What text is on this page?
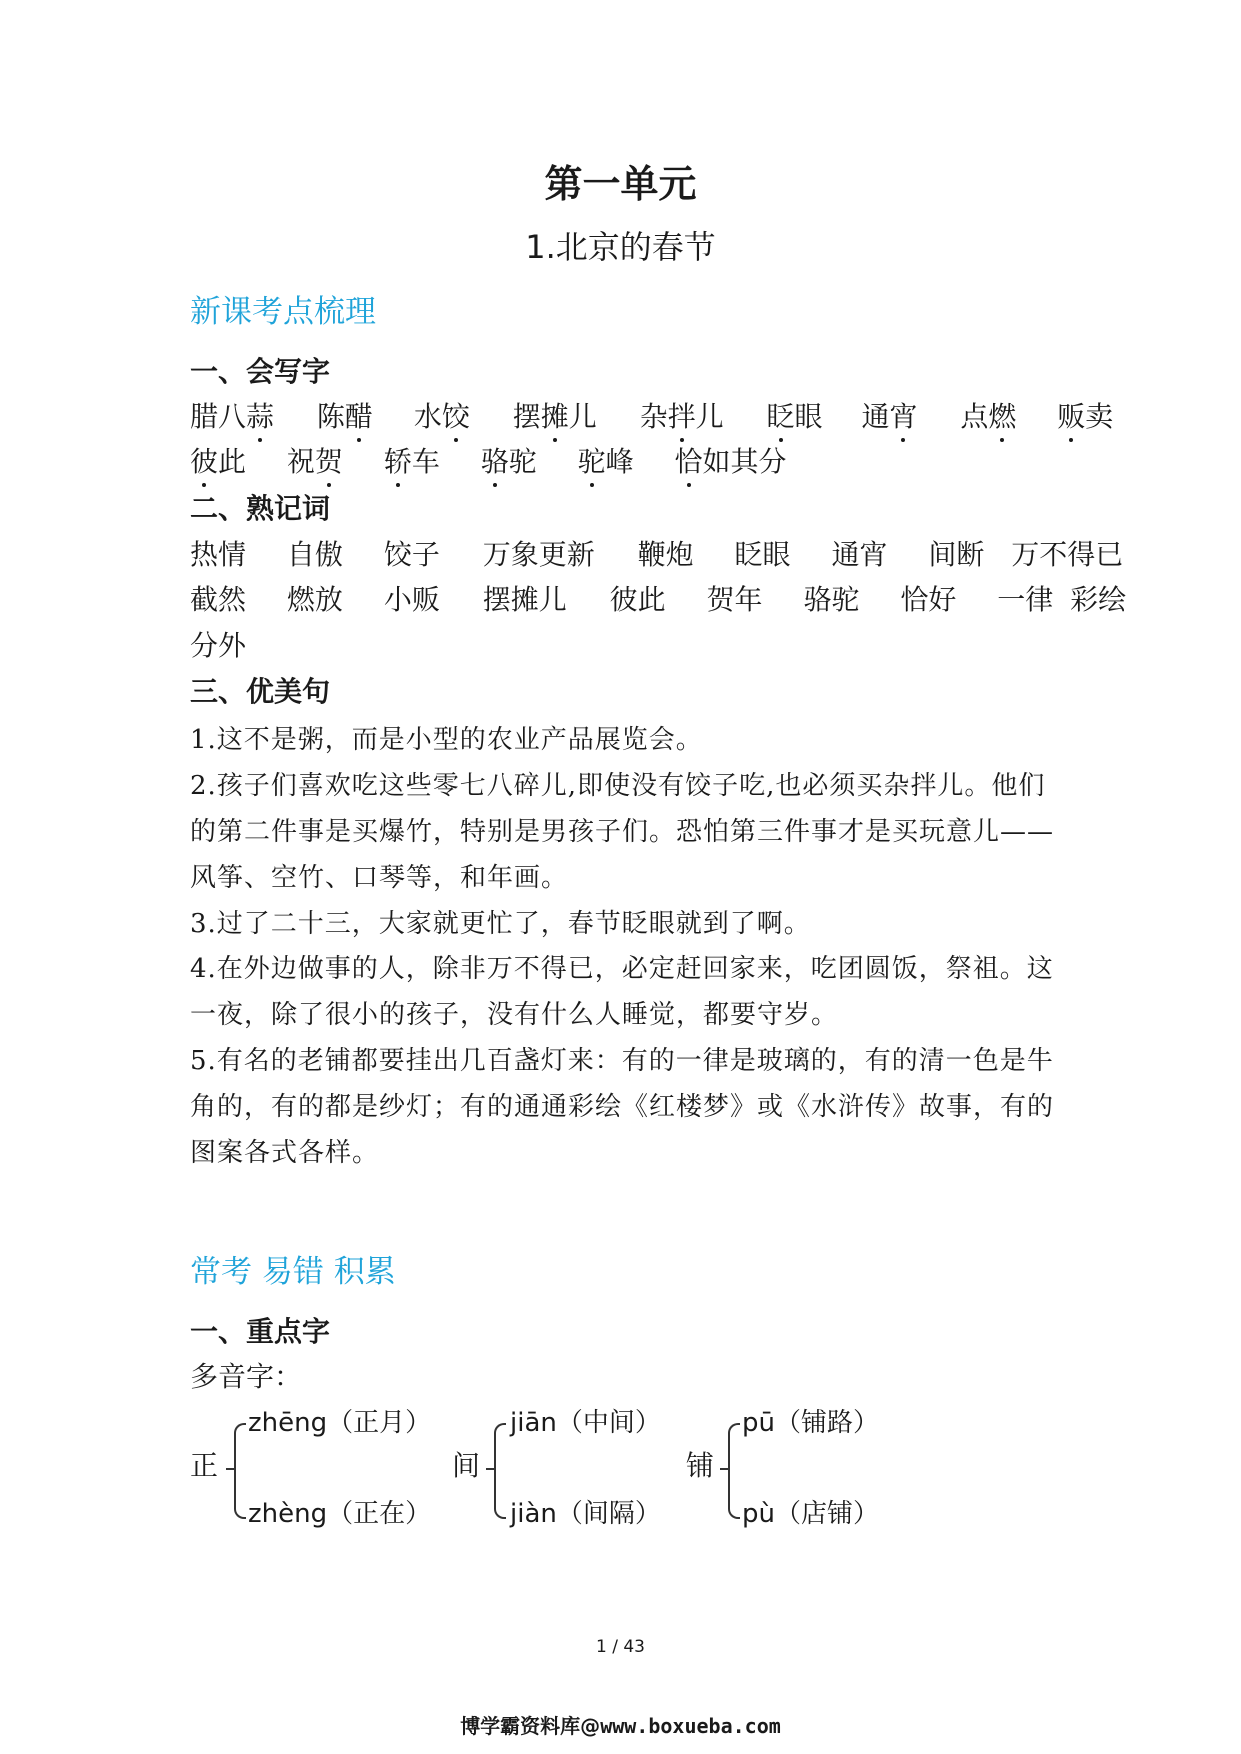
第一单元
1.北京的春节
新课考点梳理
一、会写字
腊八蒜 陈醋 水饺 摆摊儿 杂拌儿 眨眼 通宵 点燃 贩卖
彼此 祝贺 轿车 骆驼 驼峰 恰如其分
二、熟记词
热情 自傲 饺子 万象更新 鞭炮 眨眼 通宵 间断 万不得已
截然 燃放 小贩 摆摊儿 彼此 贺年 骆驼 恰好 一律 彩绘
分外
三、优美句
1.这不是粥，而是小型的农业产品展览会。
2.孩子们喜欢吃这些零七八碎儿,即使没有饺子吃,也必须买杂拌儿。他们的第二件事是买爆竹，特别是男孩子们。恐怕第三件事才是买玩意儿——风筝、空竹、口琴等，和年画。
3.过了二十三，大家就更忙了，春节眨眼就到了啊。
4.在外边做事的人，除非万不得已，必定赶回家来，吃团圆饭，祭祖。这一夜，除了很小的孩子，没有什么人睡觉，都要守岁。
5.有名的老铺都要挂出几百盏灯来：有的一律是玻璃的，有的清一色是牛角的，有的都是纱灯；有的通通彩绘《红楼梦》或《水浒传》故事，有的图案各式各样。
常考 易错 积累
一、重点字
多音字：
正
zhēng（正月）
zhèng（正在）
间
jiān（中间）
jiàn（间隔）
铺
pū（铺路）
pù（店铺）
1 / 43
博学霸资料库@www.boxueba.com
